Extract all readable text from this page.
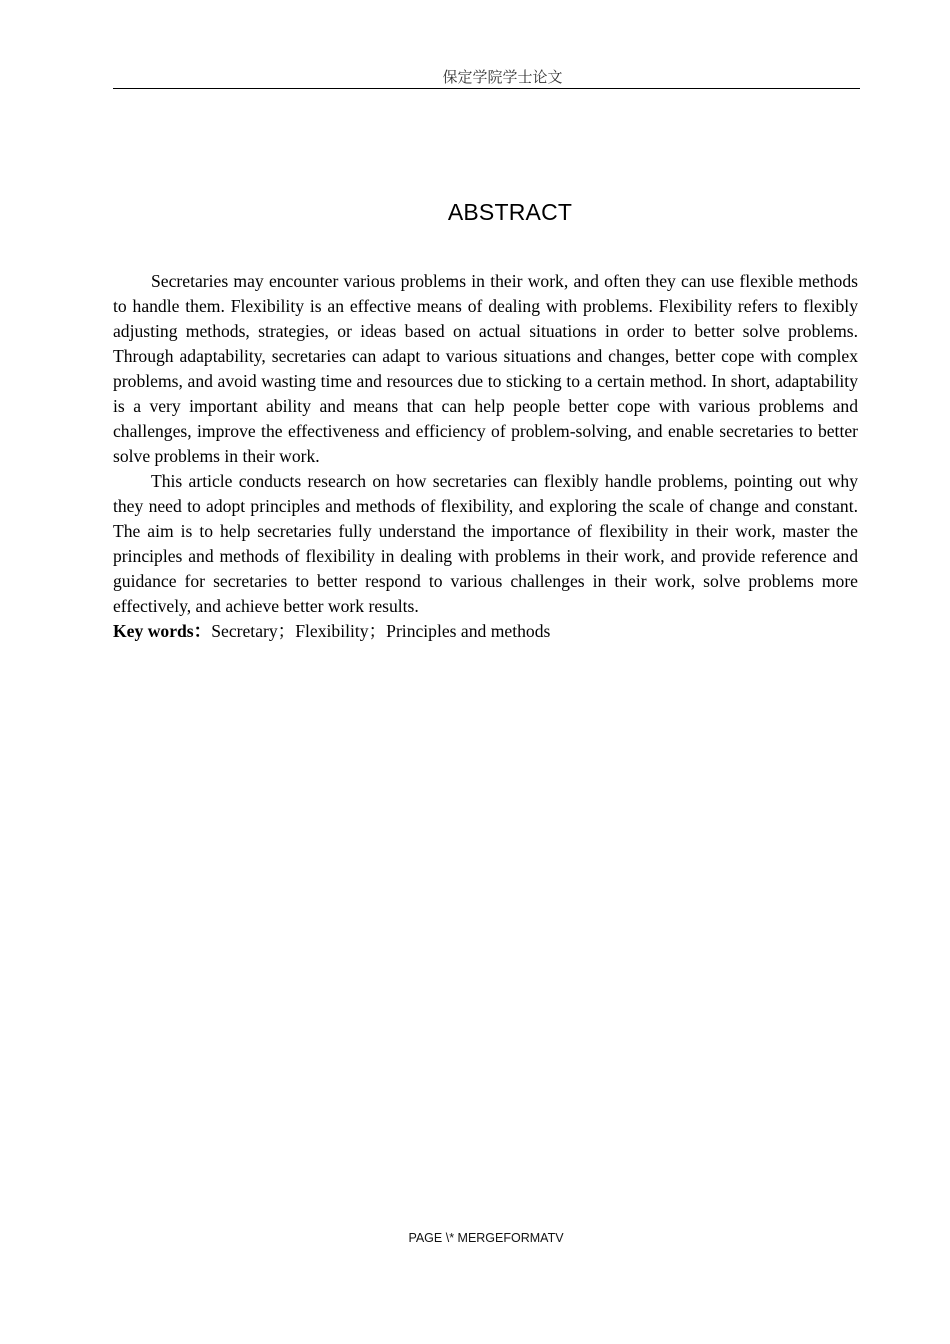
保定学院学士论文
ABSTRACT

Secretaries may encounter various problems in their work, and often they can use flexible methods to handle them. Flexibility is an effective means of dealing with problems. Flexibility refers to flexibly adjusting methods, strategies, or ideas based on actual situations in order to better solve problems. Through adaptability, secretaries can adapt to various situations and changes, better cope with complex problems, and avoid wasting time and resources due to sticking to a certain method. In short, adaptability is a very important ability and means that can help people better cope with various problems and challenges, improve the effectiveness and efficiency of problem-solving, and enable secretaries to better solve problems in their work.

This article conducts research on how secretaries can flexibly handle problems, pointing out why they need to adopt principles and methods of flexibility, and exploring the scale of change and constant. The aim is to help secretaries fully understand the importance of flexibility in their work, master the principles and methods of flexibility in dealing with problems in their work, and provide reference and guidance for secretaries to better respond to various challenges in their work, solve problems more effectively, and achieve better work results.

Key words：Secretary；Flexibility；Principles and methods

PAGE \* MERGEFORMATV
